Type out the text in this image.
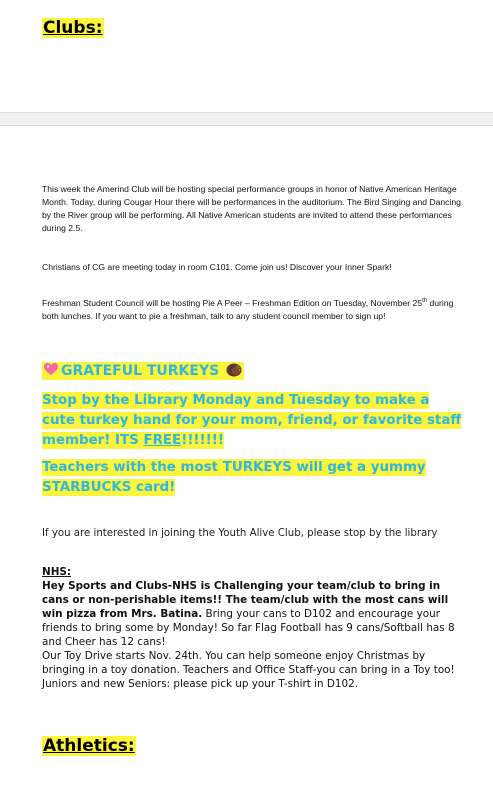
Clubs:
This week the Amerind Club will be hosting special performance groups in honor of Native American Heritage Month. Today, during Cougar Hour there will be performances in the auditorium. The Bird Singing and Dancing by the River group will be performing. All Native American students are invited to attend these performances during 2.5.
Christians of CG are meeting today in room C101. Come join us! Discover your Inner Spark!
Freshman Student Council will be hosting Pie A Peer – Freshman Edition on Tuesday, November 25th during both lunches. If you want to pie a freshman, talk to any student council member to sign up!
GRATEFUL TURKEYS
Stop by the Library Monday and Tuesday to make a cute turkey hand for your mom, friend, or favorite staff member! ITS FREE!!!!!!!
Teachers with the most TURKEYS will get a yummy STARBUCKS card!
If you are interested in joining the Youth Alive Club, please stop by the library
NHS:
Hey Sports and Clubs-NHS is Challenging your team/club to bring in cans or non-perishable items!! The team/club with the most cans will win pizza from Mrs. Batina. Bring your cans to D102 and encourage your friends to bring some by Monday! So far Flag Football has 9 cans/Softball has 8 and Cheer has 12 cans!
Our Toy Drive starts Nov. 24th. You can help someone enjoy Christmas by bringing in a toy donation. Teachers and Office Staff-you can bring in a Toy too!
Juniors and new Seniors: please pick up your T-shirt in D102.
Athletics:
